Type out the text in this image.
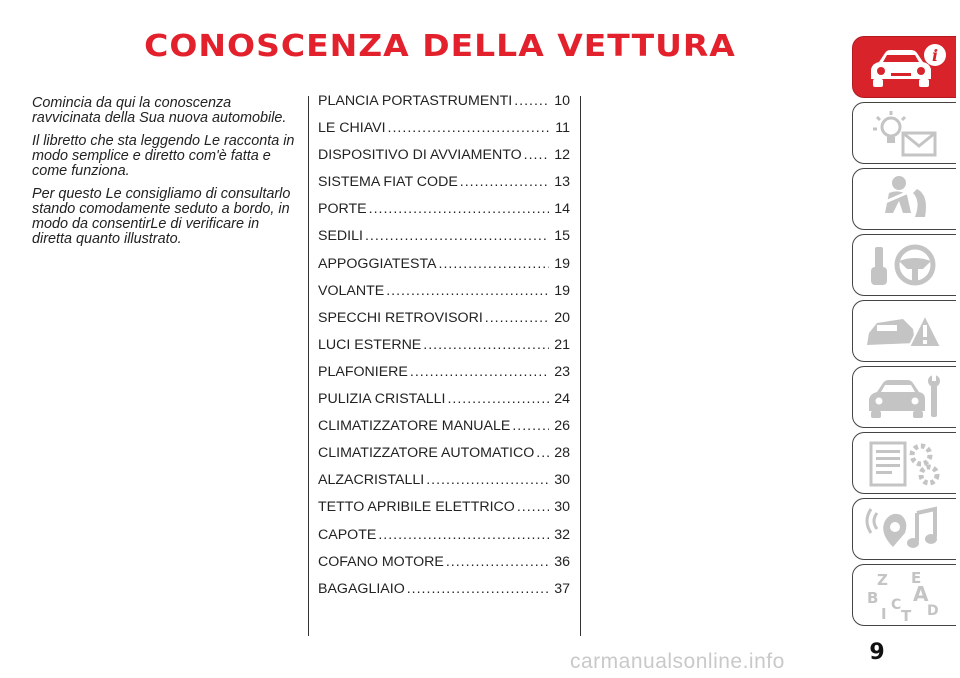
CONOSCENZA DELLA VETTURA

Comincia da qui la conoscenza ravvicinata della Sua nuova automobile.

Il libretto che sta leggendo Le racconta in modo semplice e diretto com'è fatta e come funziona.

Per questo Le consigliamo di consultarlo stando comodamente seduto a bordo, in modo da consentirLe di verificare in diretta quanto illustrato.

PLANCIA PORTASTRUMENTI .....	10
LE CHIAVI .....	11
DISPOSITIVO DI AVVIAMENTO ..... 12
SISTEMA FIAT CODE .....	13
PORTE .....	14
SEDILI .....	15
APPOGGIATESTA .....	19
VOLANTE .....	19
SPECCHI RETROVISORI .....	20
LUCI ESTERNE .....	21
PLAFONIERE .....	23
PULIZIA CRISTALLI .....	24
CLIMATIZZATORE MANUALE .....	26
CLIMATIZZATORE AUTOMATICO ..... 28
ALZACRISTALLI .....	30
TETTO APRIBILE ELETTRICO .....	30
CAPOTE .....	32
COFANO MOTORE .....	36
BAGAGLIAIO .....	37
i
Z E
B A
C D
I T
9
carmanualsonline.info
